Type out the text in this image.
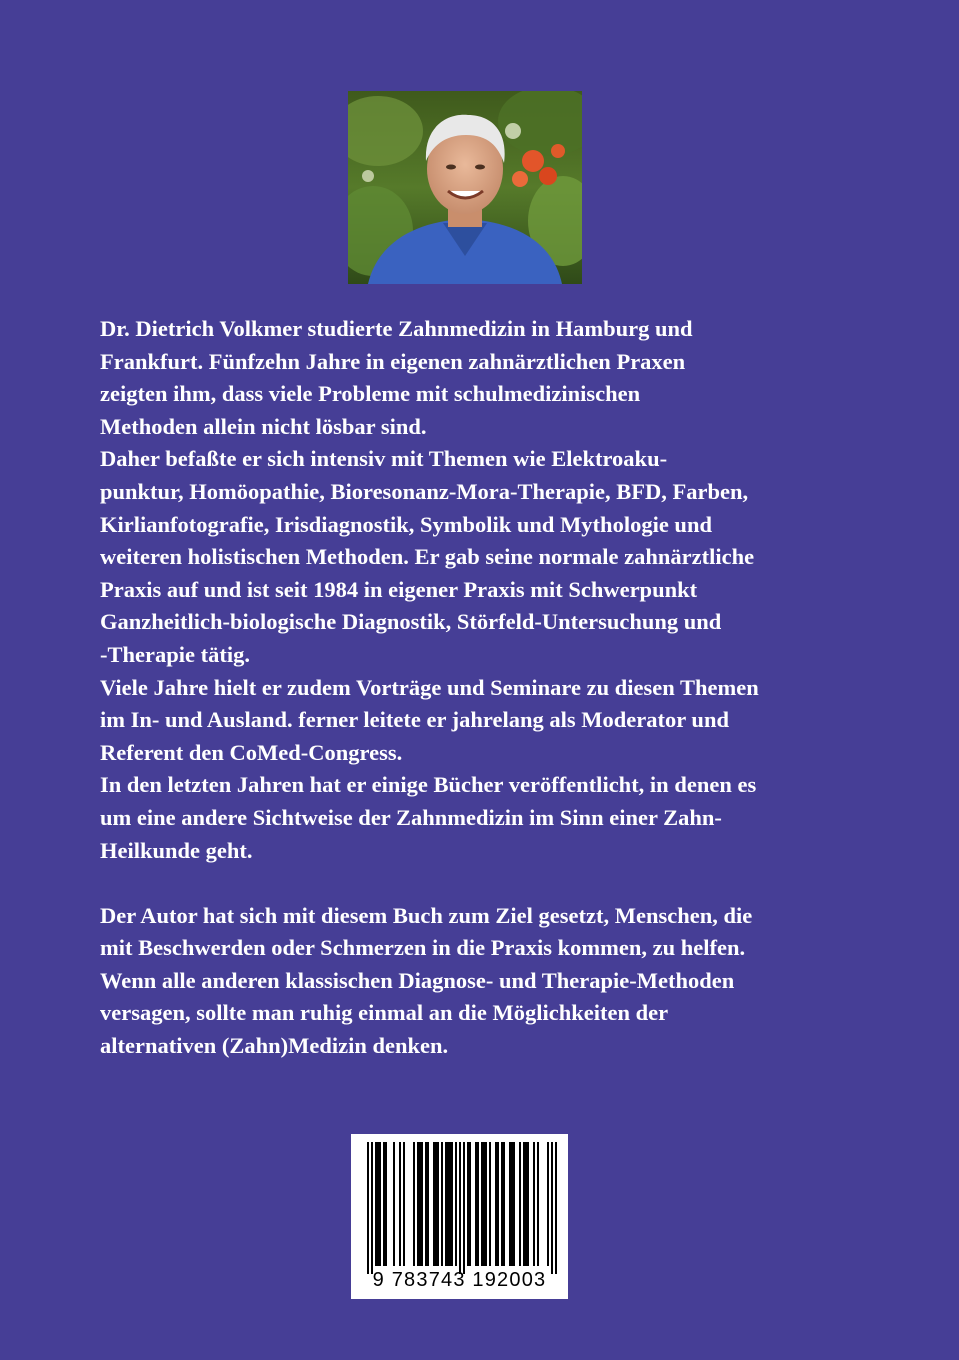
Dr. Dietrich Volkmer studierte Zahnmedizin in Hamburg und
Frankfurt. Fünfzehn Jahre in eigenen zahnärztlichen Praxen
zeigten ihm, dass viele Probleme mit schulmedizinischen
Methoden allein nicht lösbar sind.

Daher befaßte er sich intensiv mit Themen wie Elektroaku-
punktur, Homöopathie, Bioresonanz-Mora-Therapie, BFD, Farben,
Kirlianfotografie, Irisdiagnostik, Symbolik und Mythologie und
weiteren holistischen Methoden. Er gab seine normale zahnärztliche
Praxis auf und ist seit 1984 in eigener Praxis mit Schwerpunkt
Ganzheitlich-biologische Diagnostik, Störfeld-Untersuchung und
-Therapie tätig.

Viele Jahre hielt er zudem Vorträge und Seminare zu diesen Themen
im In- und Ausland. ferner leitete er jahrelang als Moderator und
Referent den CoMed-Congress.

In den letzten Jahren hat er einige Bücher veröffentlicht, in denen es
um eine andere Sichtweise der Zahnmedizin im Sinn einer Zahn-
Heilkunde geht.

Der Autor hat sich mit diesem Buch zum Ziel gesetzt, Menschen, die
mit Beschwerden oder Schmerzen in die Praxis kommen, zu helfen.
Wenn alle anderen klassischen Diagnose- und Therapie-Methoden
versagen, sollte man ruhig einmal an die Möglichkeiten der
alternativen (Zahn)Medizin denken.

9 783743 192003
